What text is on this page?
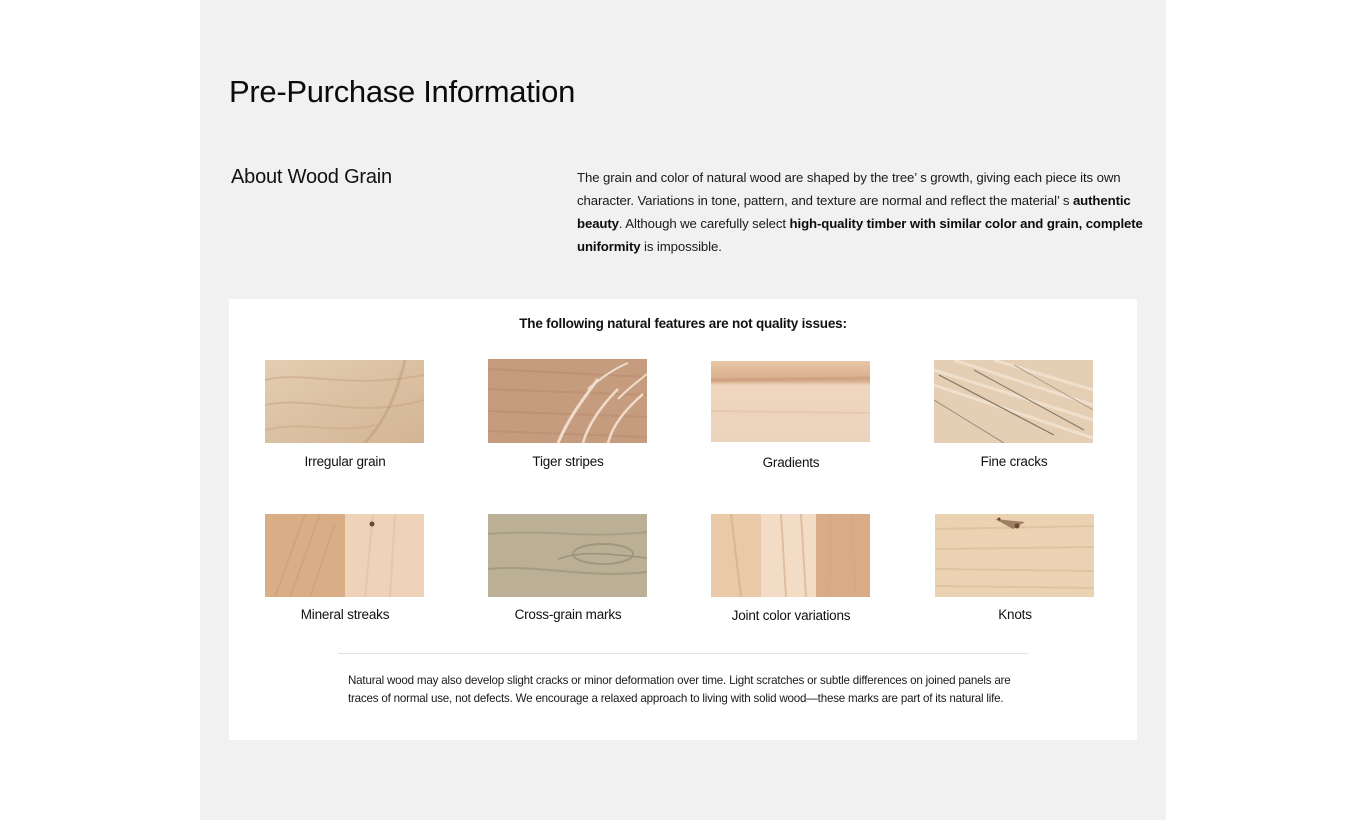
Pre-Purchase Information
About Wood Grain	The grain and color of natural wood are shaped by the tree’ s growth, giving each piece its own character. Variations in tone, pattern, and texture are normal and reflect the material’ s authentic beauty. Although we carefully select high-quality timber with similar color and grain, complete uniformity is impossible.

The following natural features are not quality issues:
Irregular grain	Tiger stripes	Gradients	Fine cracks
Mineral streaks	Cross-grain marks	Joint color variations	Knots

Natural wood may also develop slight cracks or minor deformation over time. Light scratches or subtle differences on joined panels are traces of normal use, not defects. We encourage a relaxed approach to living with solid wood—these marks are part of its natural life.
